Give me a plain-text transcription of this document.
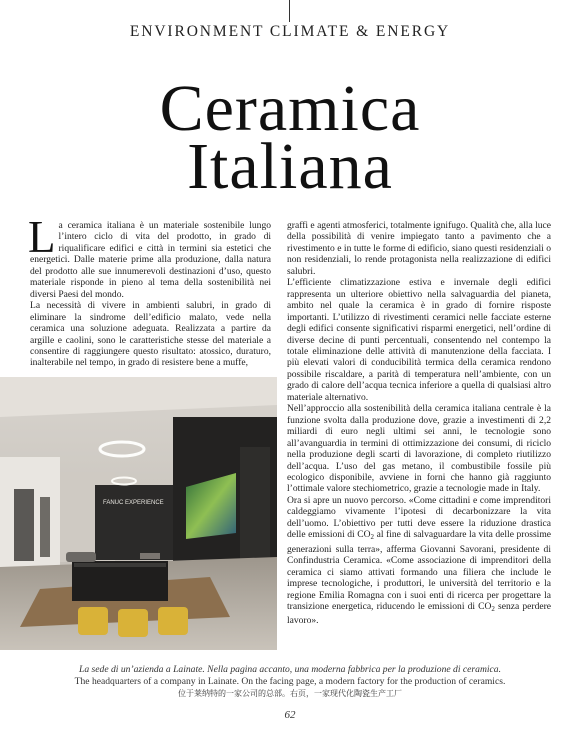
ENVIRONMENT CLIMATE & ENERGY
Ceramica
Italiana

La ceramica italiana è un materiale sostenibile lungo l’intero ciclo di vita del prodotto, in grado di riqualificare edifici e città in termini sia estetici che energetici. Dalle materie prime alla produzione, dalla natura del prodotto alle sue innumerevoli destinazioni d’uso, questo materiale risponde in pieno al tema della sostenibilità nei diversi Paesi del mondo.

La necessità di vivere in ambienti salubri, in grado di eliminare la sindrome dell’edificio malato, vede nella ceramica una soluzione adeguata. Realizzata a partire da argille e caolini, sono le caratteristiche stesse del materiale a consentire di raggiungere questo risultato: atossico, duraturo, inalterabile nel tempo, in grado di resistere bene a muffe,

graffi e agenti atmosferici, totalmente ignifugo. Qualità che, alla luce della possibilità di venire impiegato tanto a pavimento che a rivestimento e in tutte le forme di edificio, siano questi residenziali o non residenziali, lo rende protagonista nella realizzazione di edifici salubri.

L’efficiente climatizzazione estiva e invernale degli edifici rappresenta un ulteriore obiettivo nella salvaguardia del pianeta, ambito nel quale la ceramica è in grado di fornire risposte importanti. L’utilizzo di rivestimenti ceramici nelle facciate esterne degli edifici consente significativi risparmi energetici, nell’ordine di diverse decine di punti percentuali, consentendo nel contempo la totale eliminazione delle attività di manutenzione della facciata. I più elevati valori di conducibilità termica della ceramica rendono possibile riscaldare, a parità di temperatura nell’ambiente, con un grado di calore dell’acqua tecnica inferiore a quella di qualsiasi altro materiale alternativo.

Nell’approccio alla sostenibilità della ceramica italiana centrale è la funzione svolta dalla produzione dove, grazie a investimenti di 2,2 miliardi di euro negli ultimi sei anni, le tecnologie sono all’avanguardia in termini di ottimizzazione dei consumi, di riciclo nella produzione degli scarti di lavorazione, di completo riutilizzo dell’acqua. L’uso del gas metano, il combustibile fossile più ecologico disponibile, avviene in forni che hanno già raggiunto l’ottimale valore stechiometrico, grazie a tecnologie made in Italy.

Ora si apre un nuovo percorso. «Come cittadini e come imprenditori caldeggiamo vivamente l’ipotesi di decarbonizzare la vita dell’uomo. L’obiettivo per tutti deve essere la riduzione drastica delle emissioni di $CO_2$ al fine di salvaguardare la vita delle prossime generazioni sulla terra», afferma Giovanni Savorani, presidente di Confindustria Ceramica. «Come associazione di imprenditori della ceramica ci siamo attivati formando una filiera che include le imprese tecnologiche, i produttori, le università del territorio e la regione Emilia Romagna con i suoi enti di ricerca per progettare la transizione energetica, riducendo le emissioni di $CO_2$ senza perdere lavoro».

FANUC EXPERIENCE
La sede di un’azienda a Lainate. Nella pagina accanto, una moderna fabbrica per la produzione di ceramica.
The headquarters of a company in Lainate. On the facing page, a modern factory for the production of ceramics.
位于莱纳特的一家公司的总部。右页，一家现代化陶瓷生产工厂
62
